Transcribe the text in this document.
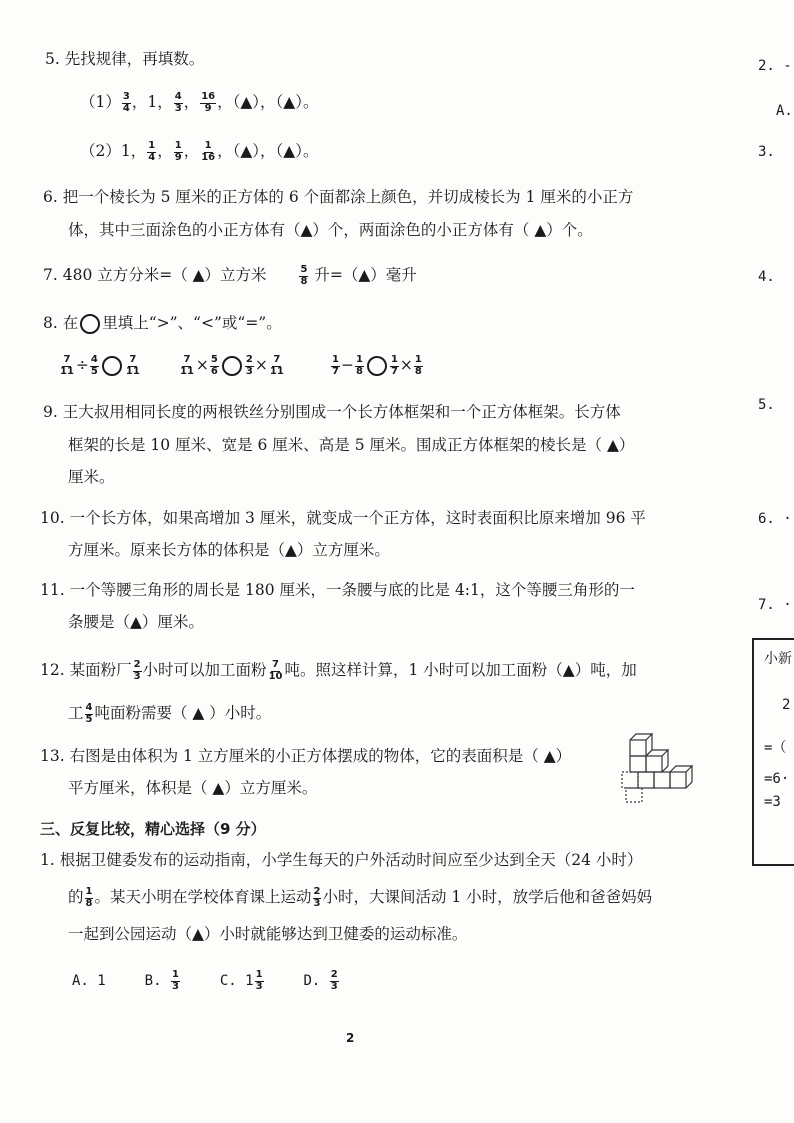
5. 先找规律，再填数。
$(1) \frac{3}{4}$ ，1， $\frac{4}{3}$ ， $\frac{16}{9}$ ，（▲），（▲）。
（2）1， $\frac{1}{4}$ ， $\frac{1}{9}$ ， $\frac{1}{16}$ ，（▲），（▲）。
6. 把一个棱长为 5 厘米的正方体的 6 个面都涂上颜色，并切成棱长为 1 厘米的小正方
体，其中三面涂色的小正方体有（▲）个，两面涂色的小正方体有（ ▲）个。
7. 480 立方分米=（ ▲）立方米	$\frac{5}{8}$ 升=（▲）毫升
8. 在 里填上“>”、“<”或“=”。
$\frac{7}{11} \div \frac{4}{5}$	$\frac{7}{11}$	$\frac{7}{11} \times \frac{5}{6}$	$\frac{2}{3} \times \frac{7}{11}$	$\frac{1}{7} - \frac{1}{8}$	$\frac{1}{7} \times \frac{1}{8}$
9. 王大叔用相同长度的两根铁丝分别围成一个长方体框架和一个正方体框架。长方体
框架的长是 10 厘米、宽是 6 厘米、高是 5 厘米。围成正方体框架的棱长是（ ▲）
厘米。
10. 一个长方体，如果高增加 3 厘米，就变成一个正方体，这时表面积比原来增加 96 平
方厘米。原来长方体的体积是（▲）立方厘米。
11. 一个等腰三角形的周长是 180 厘米，一条腰与底的比是 4:1，这个等腰三角形的一
条腰是（▲）厘米。
12. 某面粉厂 $\frac{2}{3}$ 小时可以加工面粉 $\frac{7}{10}$ 吨。照这样计算，1 小时可以加工面粉（▲）吨，加
工 $\frac{4}{5}$ 吨面粉需要（ ▲ ）小时。
13. 右图是由体积为 1 立方厘米的小正方体摆成的物体，它的表面积是（ ▲）
平方厘米，体积是（ ▲）立方厘米。
三、反复比较，精心选择（9 分）
1. 根据卫健委发布的运动指南，小学生每天的户外活动时间应至少达到全天（24 小时）
的 $\frac{1}{8}$ 。某天小明在学校体育课上运动 $\frac{2}{3}$ 小时，大课间活动 1 小时，放学后他和爸爸妈妈
一起到公园运动（▲）小时就能够达到卫健委的运动标准。
A. 1	B. $\frac{1}{3}$	C. $1 \frac{1}{3}$	D. $\frac{2}{3}$
2
2. -
A.
3.
4.
5.
6. ·
7. ·
小新
2
=（
=6·
=3
